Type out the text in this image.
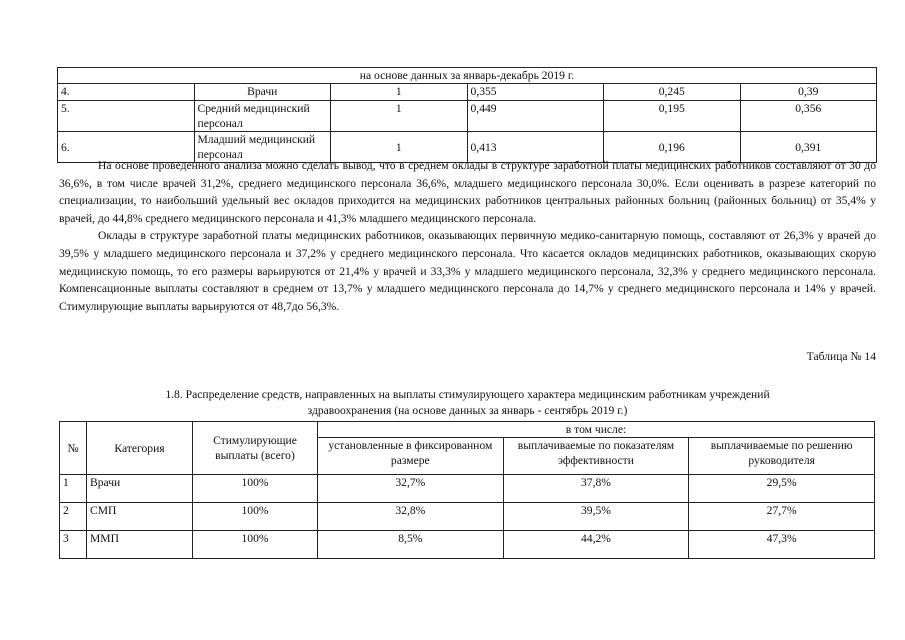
на основе данных за январь-декабрь 2019 г.					
4.	Врачи	1	0,355	0,245	0,39
5.	Средний медицинский персонал	1	0,449	0,195	0,356
6.	Младший медицинский персонал	1	0,413	0,196	0,391

На основе проведенного анализа можно сделать вывод, что в среднем оклады в структуре заработной платы медицинских работников составляют от 30 до 36,6%, в том числе врачей 31,2%, среднего медицинского персонала 36,6%, младшего медицинского персонала 30,0%. Если оценивать в разрезе категорий по специализации, то наибольший удельный вес окладов приходится на медицинских работников центральных районных больниц (районных больниц) от 35,4% у врачей, до 44,8% среднего медицинского персонала и 41,3% младшего медицинского персонала.

Оклады в структуре заработной платы медицинских работников, оказывающих первичную медико-санитарную помощь, составляют от 26,3% у врачей до 39,5% у младшего медицинского персонала и 37,2% у среднего медицинского персонала. Что касается окладов медицинских работников, оказывающих скорую медицинскую помощь, то его размеры варьируются от 21,4% у врачей и 33,3% у младшего медицинского персонала, 32,3% у среднего медицинского персонала. Компенсационные выплаты составляют в среднем от 13,7% у младшего медицинского персонала до 14,7% у среднего медицинского персонала и 14% у врачей. Стимулирующие выплаты варьируются от 48,7до 56,3%.

Таблица № 14
1.8. Распределение средств, направленных на выплаты стимулирующего характера медицинским работникам учреждений
здравоохранения (на основе данных за январь - сентябрь 2019 г.)
№	Категория	Стимулирующие выплаты (всего)	в том числе:		
			установленные в фиксированном размере	выплачиваемые по показателям эффективности	выплачиваемые по решению руководителя
1	Врачи	100%	32,7%	37,8%	29,5%
2	СМП	100%	32,8%	39,5%	27,7%
3	ММП	100%	8,5%	44,2%	47,3%
